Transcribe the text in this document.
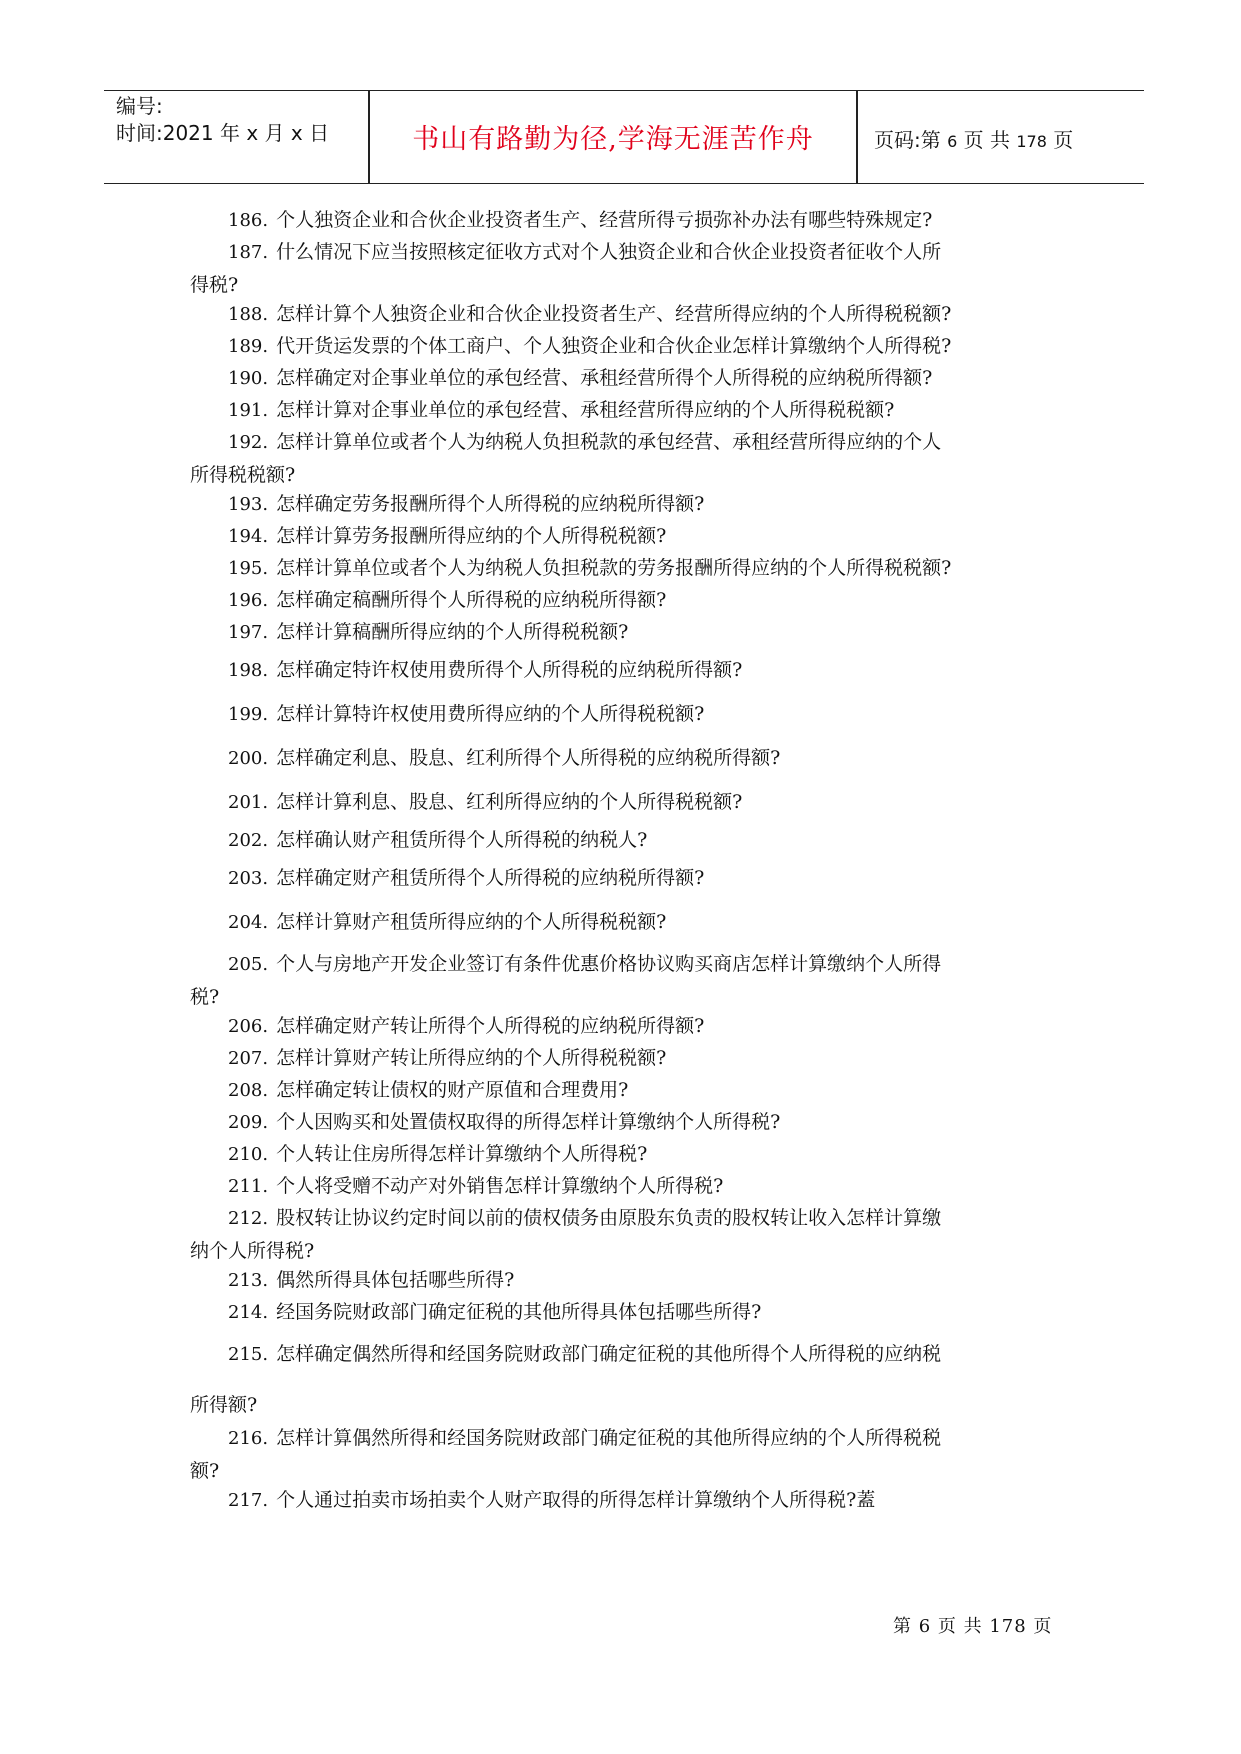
编号:
时间:2021 年 x 月 x 日	书山有路勤为径,学海无涯苦作舟	页码:第 6 页 共 178 页
186. 个人独资企业和合伙企业投资者生产、经营所得亏损弥补办法有哪些特殊规定?
187. 什么情况下应当按照核定征收方式对个人独资企业和合伙企业投资者征收个人所
得税?
188. 怎样计算个人独资企业和合伙企业投资者生产、经营所得应纳的个人所得税税额?
189. 代开货运发票的个体工商户、个人独资企业和合伙企业怎样计算缴纳个人所得税?
190. 怎样确定对企事业单位的承包经营、承租经营所得个人所得税的应纳税所得额?
191. 怎样计算对企事业单位的承包经营、承租经营所得应纳的个人所得税税额?
192. 怎样计算单位或者个人为纳税人负担税款的承包经营、承租经营所得应纳的个人
所得税税额?
193. 怎样确定劳务报酬所得个人所得税的应纳税所得额?
194. 怎样计算劳务报酬所得应纳的个人所得税税额?
195. 怎样计算单位或者个人为纳税人负担税款的劳务报酬所得应纳的个人所得税税额?
196. 怎样确定稿酬所得个人所得税的应纳税所得额?
197. 怎样计算稿酬所得应纳的个人所得税税额?
198. 怎样确定特许权使用费所得个人所得税的应纳税所得额?
199. 怎样计算特许权使用费所得应纳的个人所得税税额?
200. 怎样确定利息、股息、红利所得个人所得税的应纳税所得额?
201. 怎样计算利息、股息、红利所得应纳的个人所得税税额?
202. 怎样确认财产租赁所得个人所得税的纳税人?
203. 怎样确定财产租赁所得个人所得税的应纳税所得额?
204. 怎样计算财产租赁所得应纳的个人所得税税额?
205. 个人与房地产开发企业签订有条件优惠价格协议购买商店怎样计算缴纳个人所得
税?
206. 怎样确定财产转让所得个人所得税的应纳税所得额?
207. 怎样计算财产转让所得应纳的个人所得税税额?
208. 怎样确定转让债权的财产原值和合理费用?
209. 个人因购买和处置债权取得的所得怎样计算缴纳个人所得税?
210. 个人转让住房所得怎样计算缴纳个人所得税?
211. 个人将受赠不动产对外销售怎样计算缴纳个人所得税?
212. 股权转让协议约定时间以前的债权债务由原股东负责的股权转让收入怎样计算缴
纳个人所得税?
213. 偶然所得具体包括哪些所得?
214. 经国务院财政部门确定征税的其他所得具体包括哪些所得?
215. 怎样确定偶然所得和经国务院财政部门确定征税的其他所得个人所得税的应纳税
所得额?
216. 怎样计算偶然所得和经国务院财政部门确定征税的其他所得应纳的个人所得税税
额?
217. 个人通过拍卖市场拍卖个人财产取得的所得怎样计算缴纳个人所得税?蓋
第 6 页 共 178 页
